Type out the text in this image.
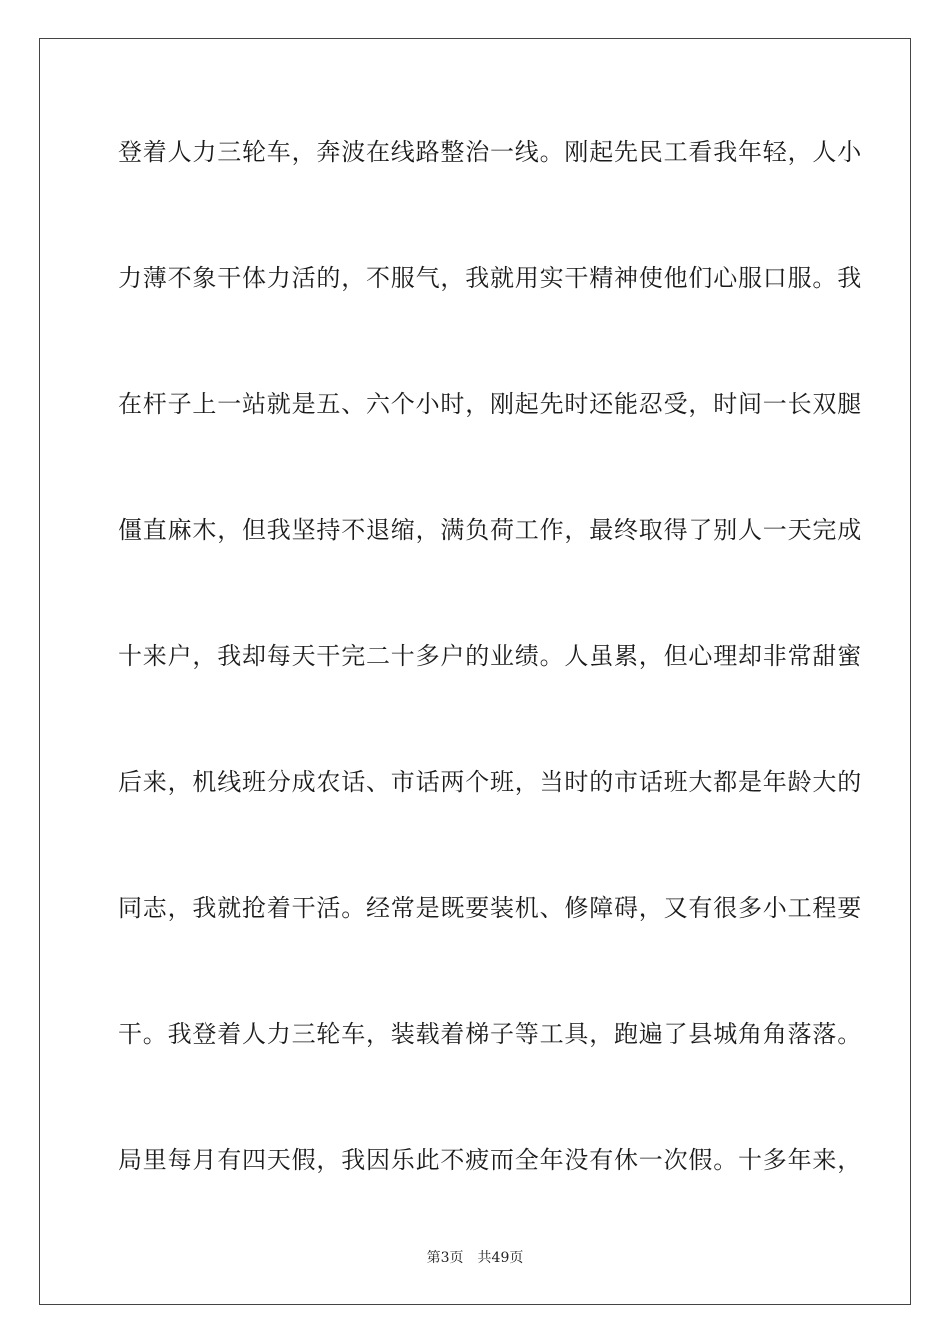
登着人力三轮车，奔波在线路整治一线。刚起先民工看我年轻，人小
力薄不象干体力活的，不服气，我就用实干精神使他们心服口服。我
在杆子上一站就是五、六个小时，刚起先时还能忍受，时间一长双腿
僵直麻木，但我坚持不退缩，满负荷工作，最终取得了别人一天完成
十来户，我却每天干完二十多户的业绩。人虽累，但心理却非常甜蜜
后来，机线班分成农话、市话两个班，当时的市话班大都是年龄大的
同志，我就抢着干活。经常是既要装机、修障碍，又有很多小工程要
干。我登着人力三轮车，装载着梯子等工具，跑遍了县城角角落落。
局里每月有四天假，我因乐此不疲而全年没有休一次假。十多年来，
第3页 共49页
